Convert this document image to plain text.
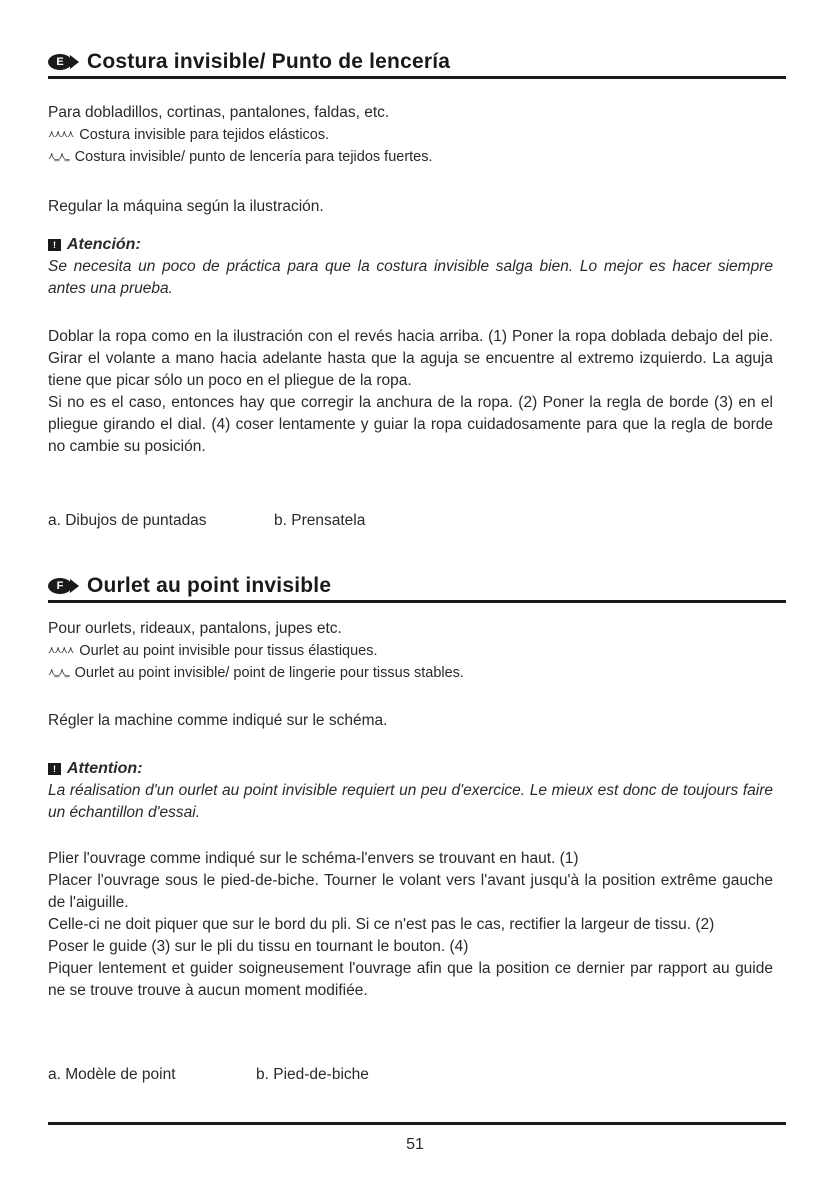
E	Costura invisible/ Punto de lencería

Para dobladillos, cortinas, pantalones, faldas, etc.

⋏⋏⋏⋏ Costura invisible para tejidos elásticos.

⋏‗⋏‗ Costura invisible/ punto de lencería para tejidos fuertes.

Regular la máquina según la ilustración.

! Atención:

Se necesita un poco de práctica para que la costura invisible salga bien. Lo mejor es hacer siempre antes una prueba.

Doblar la ropa como en la ilustración con el revés hacia arriba. (1) Poner la ropa doblada debajo del pie. Girar el volante a mano hacia adelante hasta que la aguja se encuentre al extremo izquierdo. La aguja tiene que picar sólo un poco en el pliegue de la ropa.

Si no es el caso, entonces hay que corregir la anchura de la ropa. (2) Poner la regla de borde (3) en el pliegue girando el dial. (4) coser lentamente y guiar la ropa cuidadosamente para que la regla de borde no cambie su posición.

a. Dibujos de puntadas	b. Prensatela
F	Ourlet au point invisible

Pour ourlets, rideaux, pantalons, jupes etc.

⋏⋏⋏⋏ Ourlet au point invisible pour tissus élastiques.

⋏‗⋏‗ Ourlet au point invisible/ point de lingerie pour tissus stables.

Régler la machine comme indiqué sur le schéma.

! Attention:

La réalisation d'un ourlet au point invisible requiert un peu d'exercice. Le mieux est donc de toujours faire un échantillon d'essai.

Plier l'ouvrage comme indiqué sur le schéma-l'envers se trouvant en haut. (1)

Placer l'ouvrage sous le pied-de-biche. Tourner le volant vers l'avant jusqu'à la position extrême gauche de l'aiguille.

Celle-ci ne doit piquer que sur le bord du pli. Si ce n'est pas le cas, rectifier la largeur de tissu. (2)

Poser le guide (3) sur le pli du tissu en tournant le bouton. (4)

Piquer lentement et guider soigneusement l'ouvrage afin que la position ce dernier par rapport au guide ne se trouve trouve à aucun moment modifiée.

a. Modèle de point	b. Pied-de-biche
51
